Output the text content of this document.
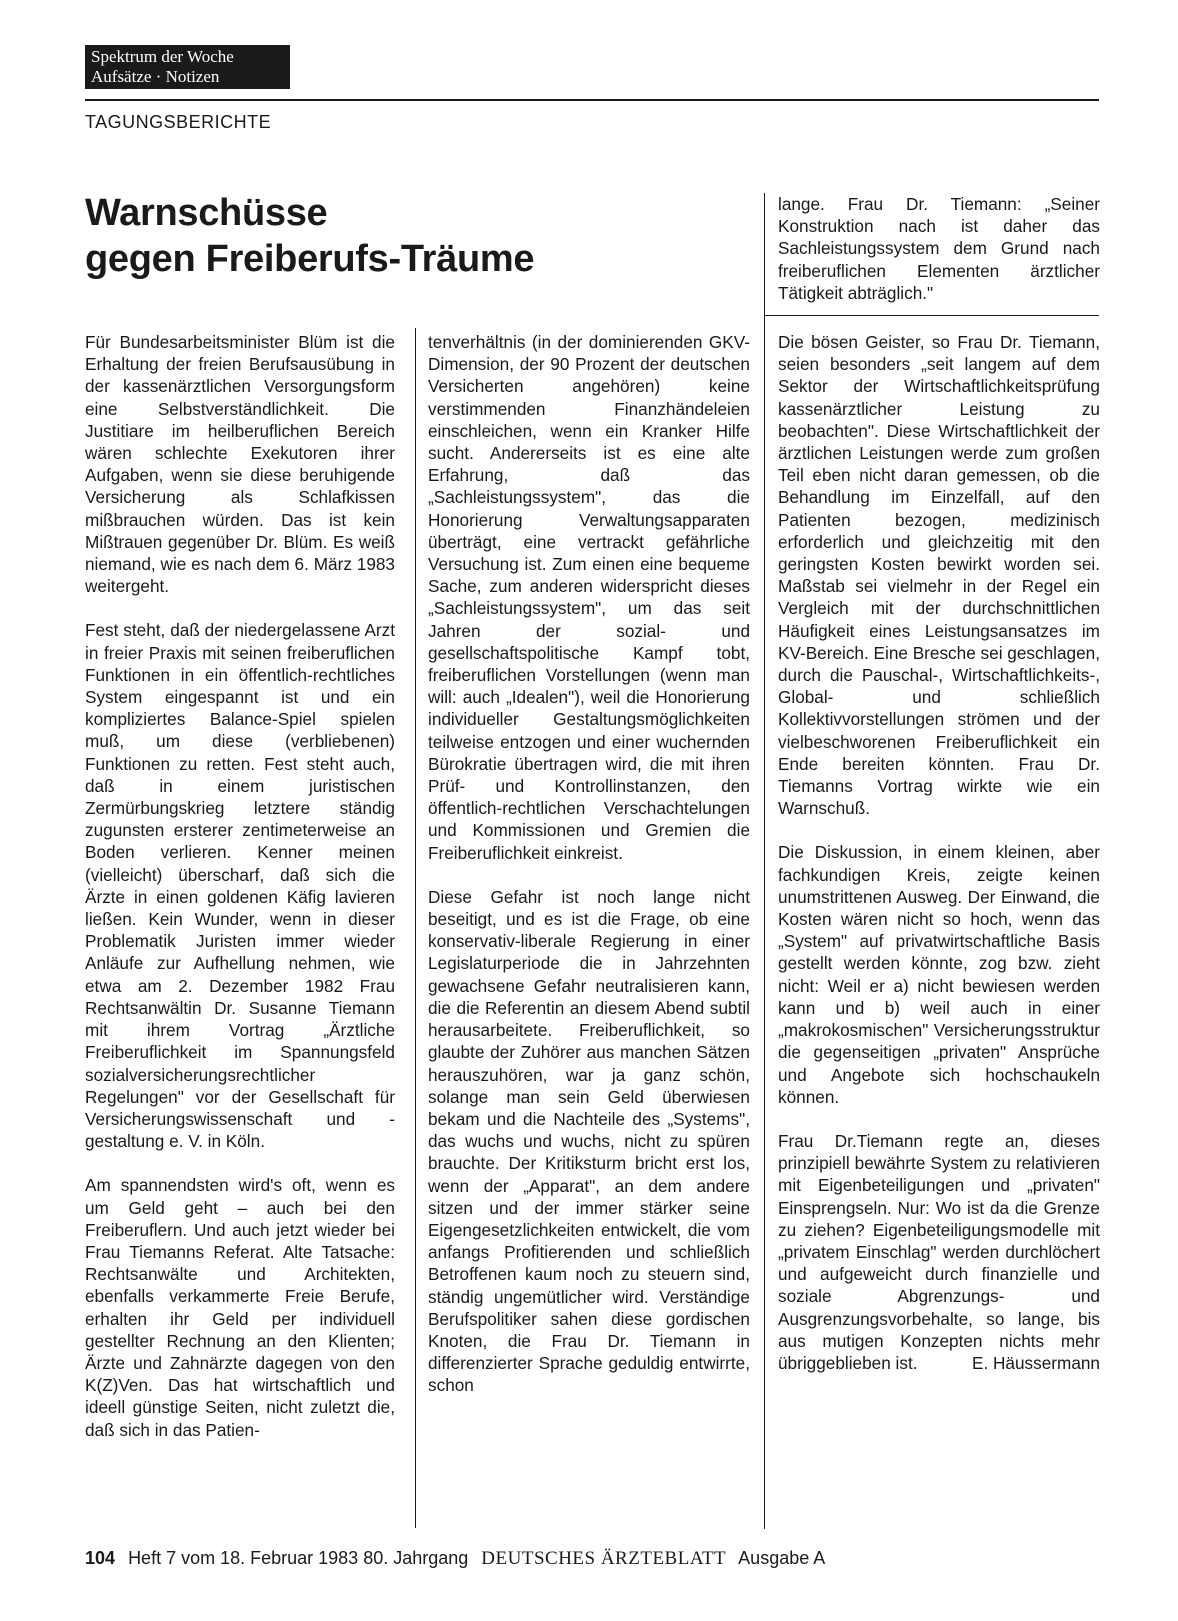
Spektrum der Woche
Aufsätze · Notizen
TAGUNGSBERICHTE
Warnschüsse
gegen Freiberufs-Träume

Für Bundesarbeitsminister Blüm ist die Erhaltung der freien Berufsausübung in der kassenärztlichen Versorgungsform eine Selbstverständlichkeit. Die Justitiare im heilberuflichen Bereich wären schlechte Exekutoren ihrer Aufgaben, wenn sie diese beruhigende Versicherung als Schlafkissen mißbrauchen würden. Das ist kein Mißtrauen gegenüber Dr. Blüm. Es weiß niemand, wie es nach dem 6. März 1983 weitergeht.

Fest steht, daß der niedergelassene Arzt in freier Praxis mit seinen freiberuflichen Funktionen in ein öffentlich-rechtliches System eingespannt ist und ein kompliziertes Balance-Spiel spielen muß, um diese (verbliebenen) Funktionen zu retten. Fest steht auch, daß in einem juristischen Zermürbungskrieg letztere ständig zugunsten ersterer zentimeterweise an Boden verlieren. Kenner meinen (vielleicht) überscharf, daß sich die Ärzte in einen goldenen Käfig lavieren ließen. Kein Wunder, wenn in dieser Problematik Juristen immer wieder Anläufe zur Aufhellung nehmen, wie etwa am 2. Dezember 1982 Frau Rechtsanwältin Dr. Susanne Tiemann mit ihrem Vortrag „Ärztliche Freiberuflichkeit im Spannungsfeld sozialversicherungsrechtlicher Regelungen" vor der Gesellschaft für Versicherungswissenschaft und -gestaltung e. V. in Köln.

Am spannendsten wird's oft, wenn es um Geld geht – auch bei den Freiberuflern. Und auch jetzt wieder bei Frau Tiemanns Referat. Alte Tatsache: Rechtsanwälte und Architekten, ebenfalls verkammerte Freie Berufe, erhalten ihr Geld per individuell gestellter Rechnung an den Klienten; Ärzte und Zahnärzte dagegen von den K(Z)Ven. Das hat wirtschaftlich und ideell günstige Seiten, nicht zuletzt die, daß sich in das Patien-

tenverhältnis (in der dominierenden GKV-Dimension, der 90 Prozent der deutschen Versicherten angehören) keine verstimmenden Finanzhändeleien einschleichen, wenn ein Kranker Hilfe sucht. Andererseits ist es eine alte Erfahrung, daß das „Sachleistungssystem", das die Honorierung Verwaltungsapparaten überträgt, eine vertrackt gefährliche Versuchung ist. Zum einen eine bequeme Sache, zum anderen widerspricht dieses „Sachleistungssystem", um das seit Jahren der sozial- und gesellschaftspolitische Kampf tobt, freiberuflichen Vorstellungen (wenn man will: auch „Idealen"), weil die Honorierung individueller Gestaltungsmöglichkeiten teilweise entzogen und einer wuchernden Bürokratie übertragen wird, die mit ihren Prüf- und Kontrollinstanzen, den öffentlich-rechtlichen Verschachtelungen und Kommissionen und Gremien die Freiberuflichkeit einkreist.

Diese Gefahr ist noch lange nicht beseitigt, und es ist die Frage, ob eine konservativ-liberale Regierung in einer Legislaturperiode die in Jahrzehnten gewachsene Gefahr neutralisieren kann, die die Referentin an diesem Abend subtil herausarbeitete. Freiberuflichkeit, so glaubte der Zuhörer aus manchen Sätzen herauszuhören, war ja ganz schön, solange man sein Geld überwiesen bekam und die Nachteile des „Systems", das wuchs und wuchs, nicht zu spüren brauchte. Der Kritiksturm bricht erst los, wenn der „Apparat", an dem andere sitzen und der immer stärker seine Eigengesetzlichkeiten entwickelt, die vom anfangs Profitierenden und schließlich Betroffenen kaum noch zu steuern sind, ständig ungemütlicher wird. Verständige Berufspolitiker sahen diese gordischen Knoten, die Frau Dr. Tiemann in differenzierter Sprache geduldig entwirrte, schon

lange. Frau Dr. Tiemann: „Seiner Konstruktion nach ist daher das Sachleistungssystem dem Grund nach freiberuflichen Elementen ärztlicher Tätigkeit abträglich."

Die bösen Geister, so Frau Dr. Tiemann, seien besonders „seit langem auf dem Sektor der Wirtschaftlichkeitsprüfung kassenärztlicher Leistung zu beobachten". Diese Wirtschaftlichkeit der ärztlichen Leistungen werde zum großen Teil eben nicht daran gemessen, ob die Behandlung im Einzelfall, auf den Patienten bezogen, medizinisch erforderlich und gleichzeitig mit den geringsten Kosten bewirkt worden sei. Maßstab sei vielmehr in der Regel ein Vergleich mit der durchschnittlichen Häufigkeit eines Leistungsansatzes im KV-Bereich. Eine Bresche sei geschlagen, durch die Pauschal-, Wirtschaftlichkeits-, Global- und schließlich Kollektivvorstellungen strömen und der vielbeschworenen Freiberuflichkeit ein Ende bereiten könnten. Frau Dr. Tiemanns Vortrag wirkte wie ein Warnschuß.

Die Diskussion, in einem kleinen, aber fachkundigen Kreis, zeigte keinen unumstrittenen Ausweg. Der Einwand, die Kosten wären nicht so hoch, wenn das „System" auf privatwirtschaftliche Basis gestellt werden könnte, zog bzw. zieht nicht: Weil er a) nicht bewiesen werden kann und b) weil auch in einer „makrokosmischen" Versicherungsstruktur die gegenseitigen „privaten" Ansprüche und Angebote sich hochschaukeln können.

Frau Dr.Tiemann regte an, dieses prinzipiell bewährte System zu relativieren mit Eigenbeteiligungen und „privaten" Einsprengseln. Nur: Wo ist da die Grenze zu ziehen? Eigenbeteiligungsmodelle mit „privatem Einschlag" werden durchlöchert und aufgeweicht durch finanzielle und soziale Abgrenzungs- und Ausgrenzungsvorbehalte, so lange, bis aus mutigen Konzepten nichts mehr übriggeblieben ist.	E. Häussermann

104 Heft 7 vom 18. Februar 1983 80. Jahrgang DEUTSCHES ÄRZTEBLATT Ausgabe A
